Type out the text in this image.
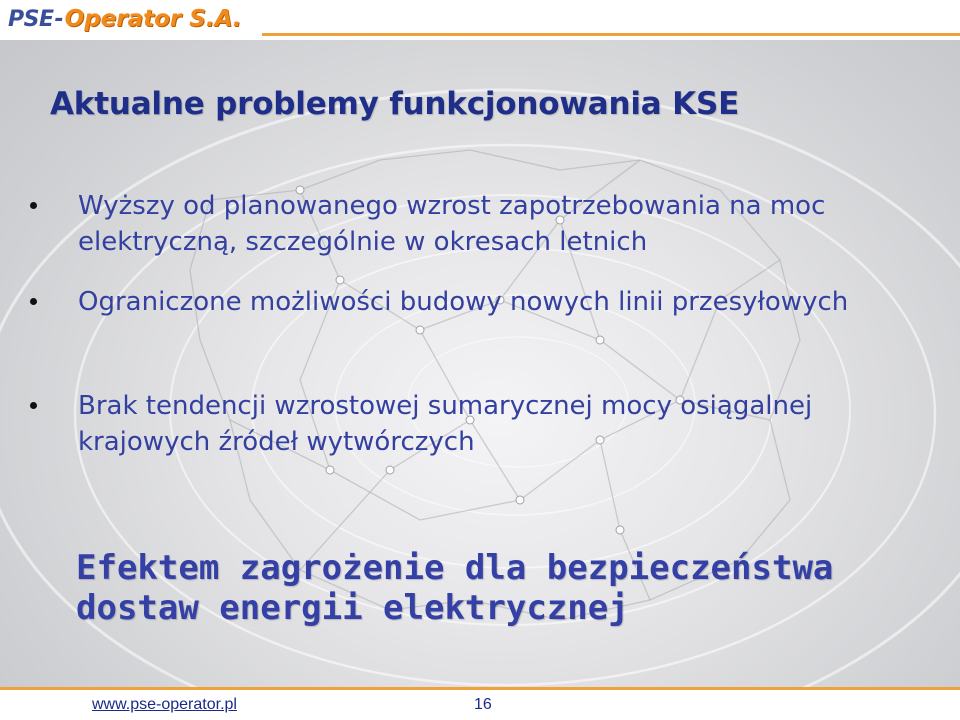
PSE - Operator S.A.
Aktualne problemy funkcjonowania KSE
Wyższy od planowanego wzrost zapotrzebowania na moc elektryczną, szczególnie w okresach letnich
Ograniczone możliwości budowy nowych linii przesyłowych
Brak tendencji wzrostowej sumarycznej mocy osiągalnej krajowych źródeł wytwórczych
Efektem zagrożenie dla bezpieczeństwa
dostaw energii elektrycznej
www.pse-operator.pl	16
